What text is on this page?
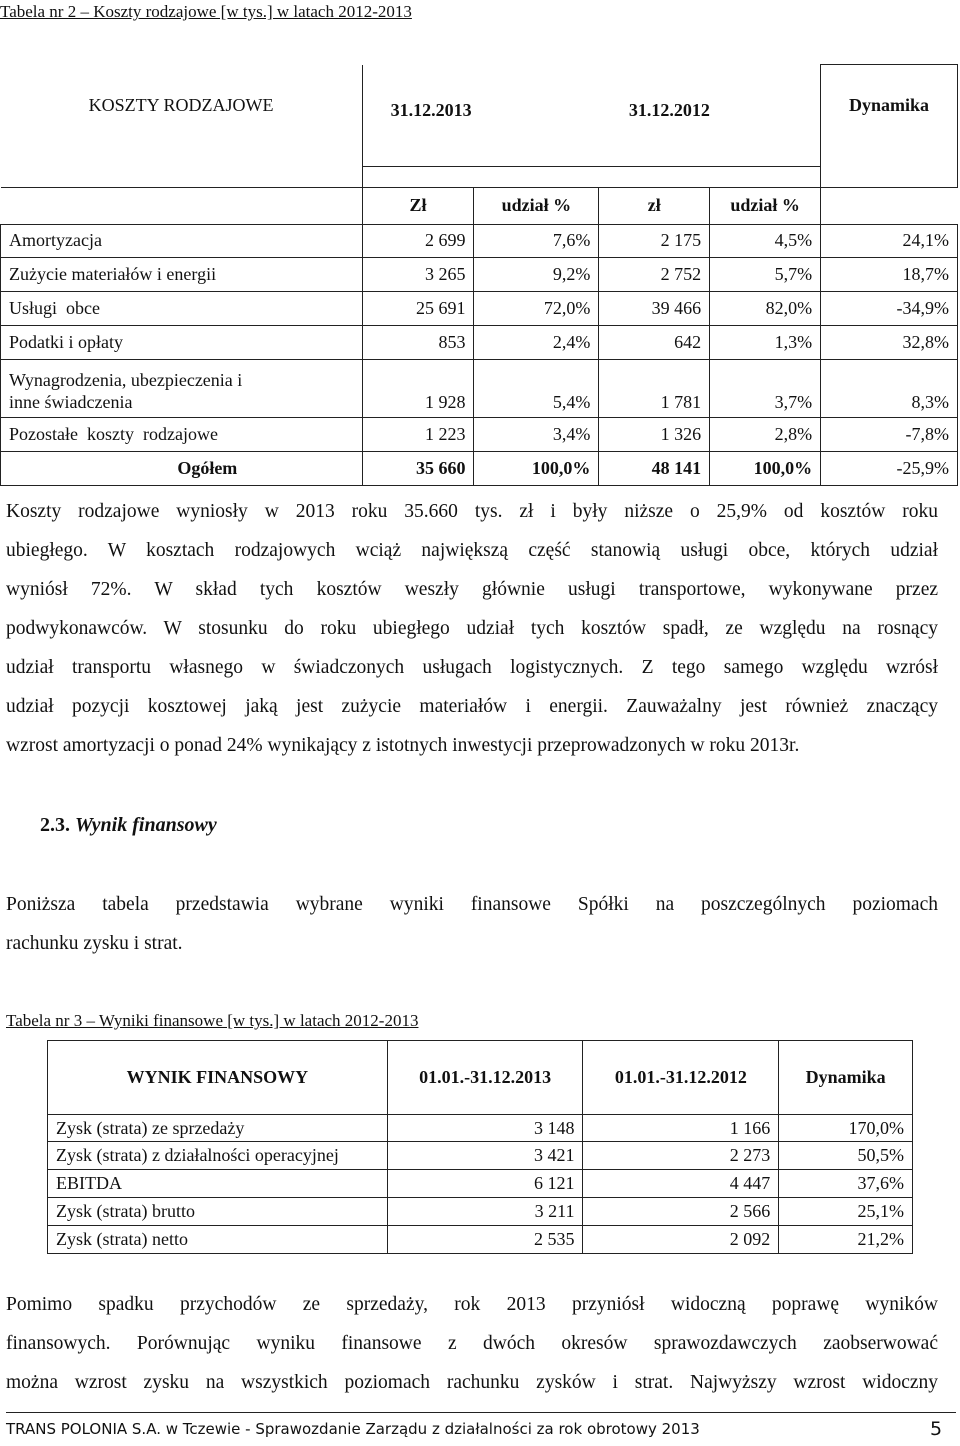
Tabela nr 2 – Koszty rodzajowe [w tys.] w latach 2012-2013
KOSZTY RODZAJOWE	31.12.2013		31.12.2012		Dynamika

	Zł	udział %	zł	udział %	
Amortyzacja	2 699	7,6%	2 175	4,5%	24,1%
Zużycie materiałów i energii	3 265	9,2%	2 752	5,7%	18,7%
Usługi  obce	25 691	72,0%	39 466	82,0%	-34,9%
Podatki i opłaty	853	2,4%	642	1,3%	32,8%
Wynagrodzenia, ubezpieczenia i
inne świadczenia	1 928	5,4%	1 781	3,7%	8,3%
Pozostałe  koszty  rodzajowe	1 223	3,4%	1 326	2,8%	-7,8%
Ogółem	35 660	100,0%	48 141	100,0%	-25,9%
Koszty rodzajowe wyniosły w 2013 roku 35.660 tys. zł i były niższe o 25,9% od kosztów roku
ubiegłego. W kosztach rodzajowych wciąż największą część stanowią usługi obce, których udział
wyniósł 72%. W skład tych kosztów weszły głównie usługi transportowe, wykonywane przez
podwykonawców. W stosunku do roku ubiegłego udział tych kosztów spadł, ze względu na rosnący
udział transportu własnego w świadczonych usługach logistycznych. Z tego samego względu wzrósł
udział pozycji kosztowej jaką jest zużycie materiałów i energii. Zauważalny jest również znaczący
wzrost amortyzacji o ponad 24% wynikający z istotnych inwestycji przeprowadzonych w roku 2013r.
2.3. Wynik finansowy
Poniższa tabela przedstawia wybrane wyniki finansowe Spółki na poszczególnych poziomach
rachunku zysku i strat.
Tabela nr 3 – Wyniki finansowe [w tys.] w latach 2012-2013
WYNIK FINANSOWY	01.01.-31.12.2013	01.01.-31.12.2012	Dynamika
Zysk (strata) ze sprzedaży	3 148	1 166	170,0%
Zysk (strata) z działalności operacyjnej	3 421	2 273	50,5%
EBITDA	6 121	4 447	37,6%
Zysk (strata) brutto	3 211	2 566	25,1%
Zysk (strata) netto	2 535	2 092	21,2%
Pomimo spadku przychodów ze sprzedaży, rok 2013 przyniósł widoczną poprawę wyników
finansowych. Porównując wyniku finansowe z dwóch okresów sprawozdawczych zaobserwować
można wzrost zysku na wszystkich poziomach rachunku zysków i strat. Najwyższy wzrost widoczny
TRANS POLONIA S.A. w Tczewie - Sprawozdanie Zarządu z działalności za rok obrotowy 2013	5
